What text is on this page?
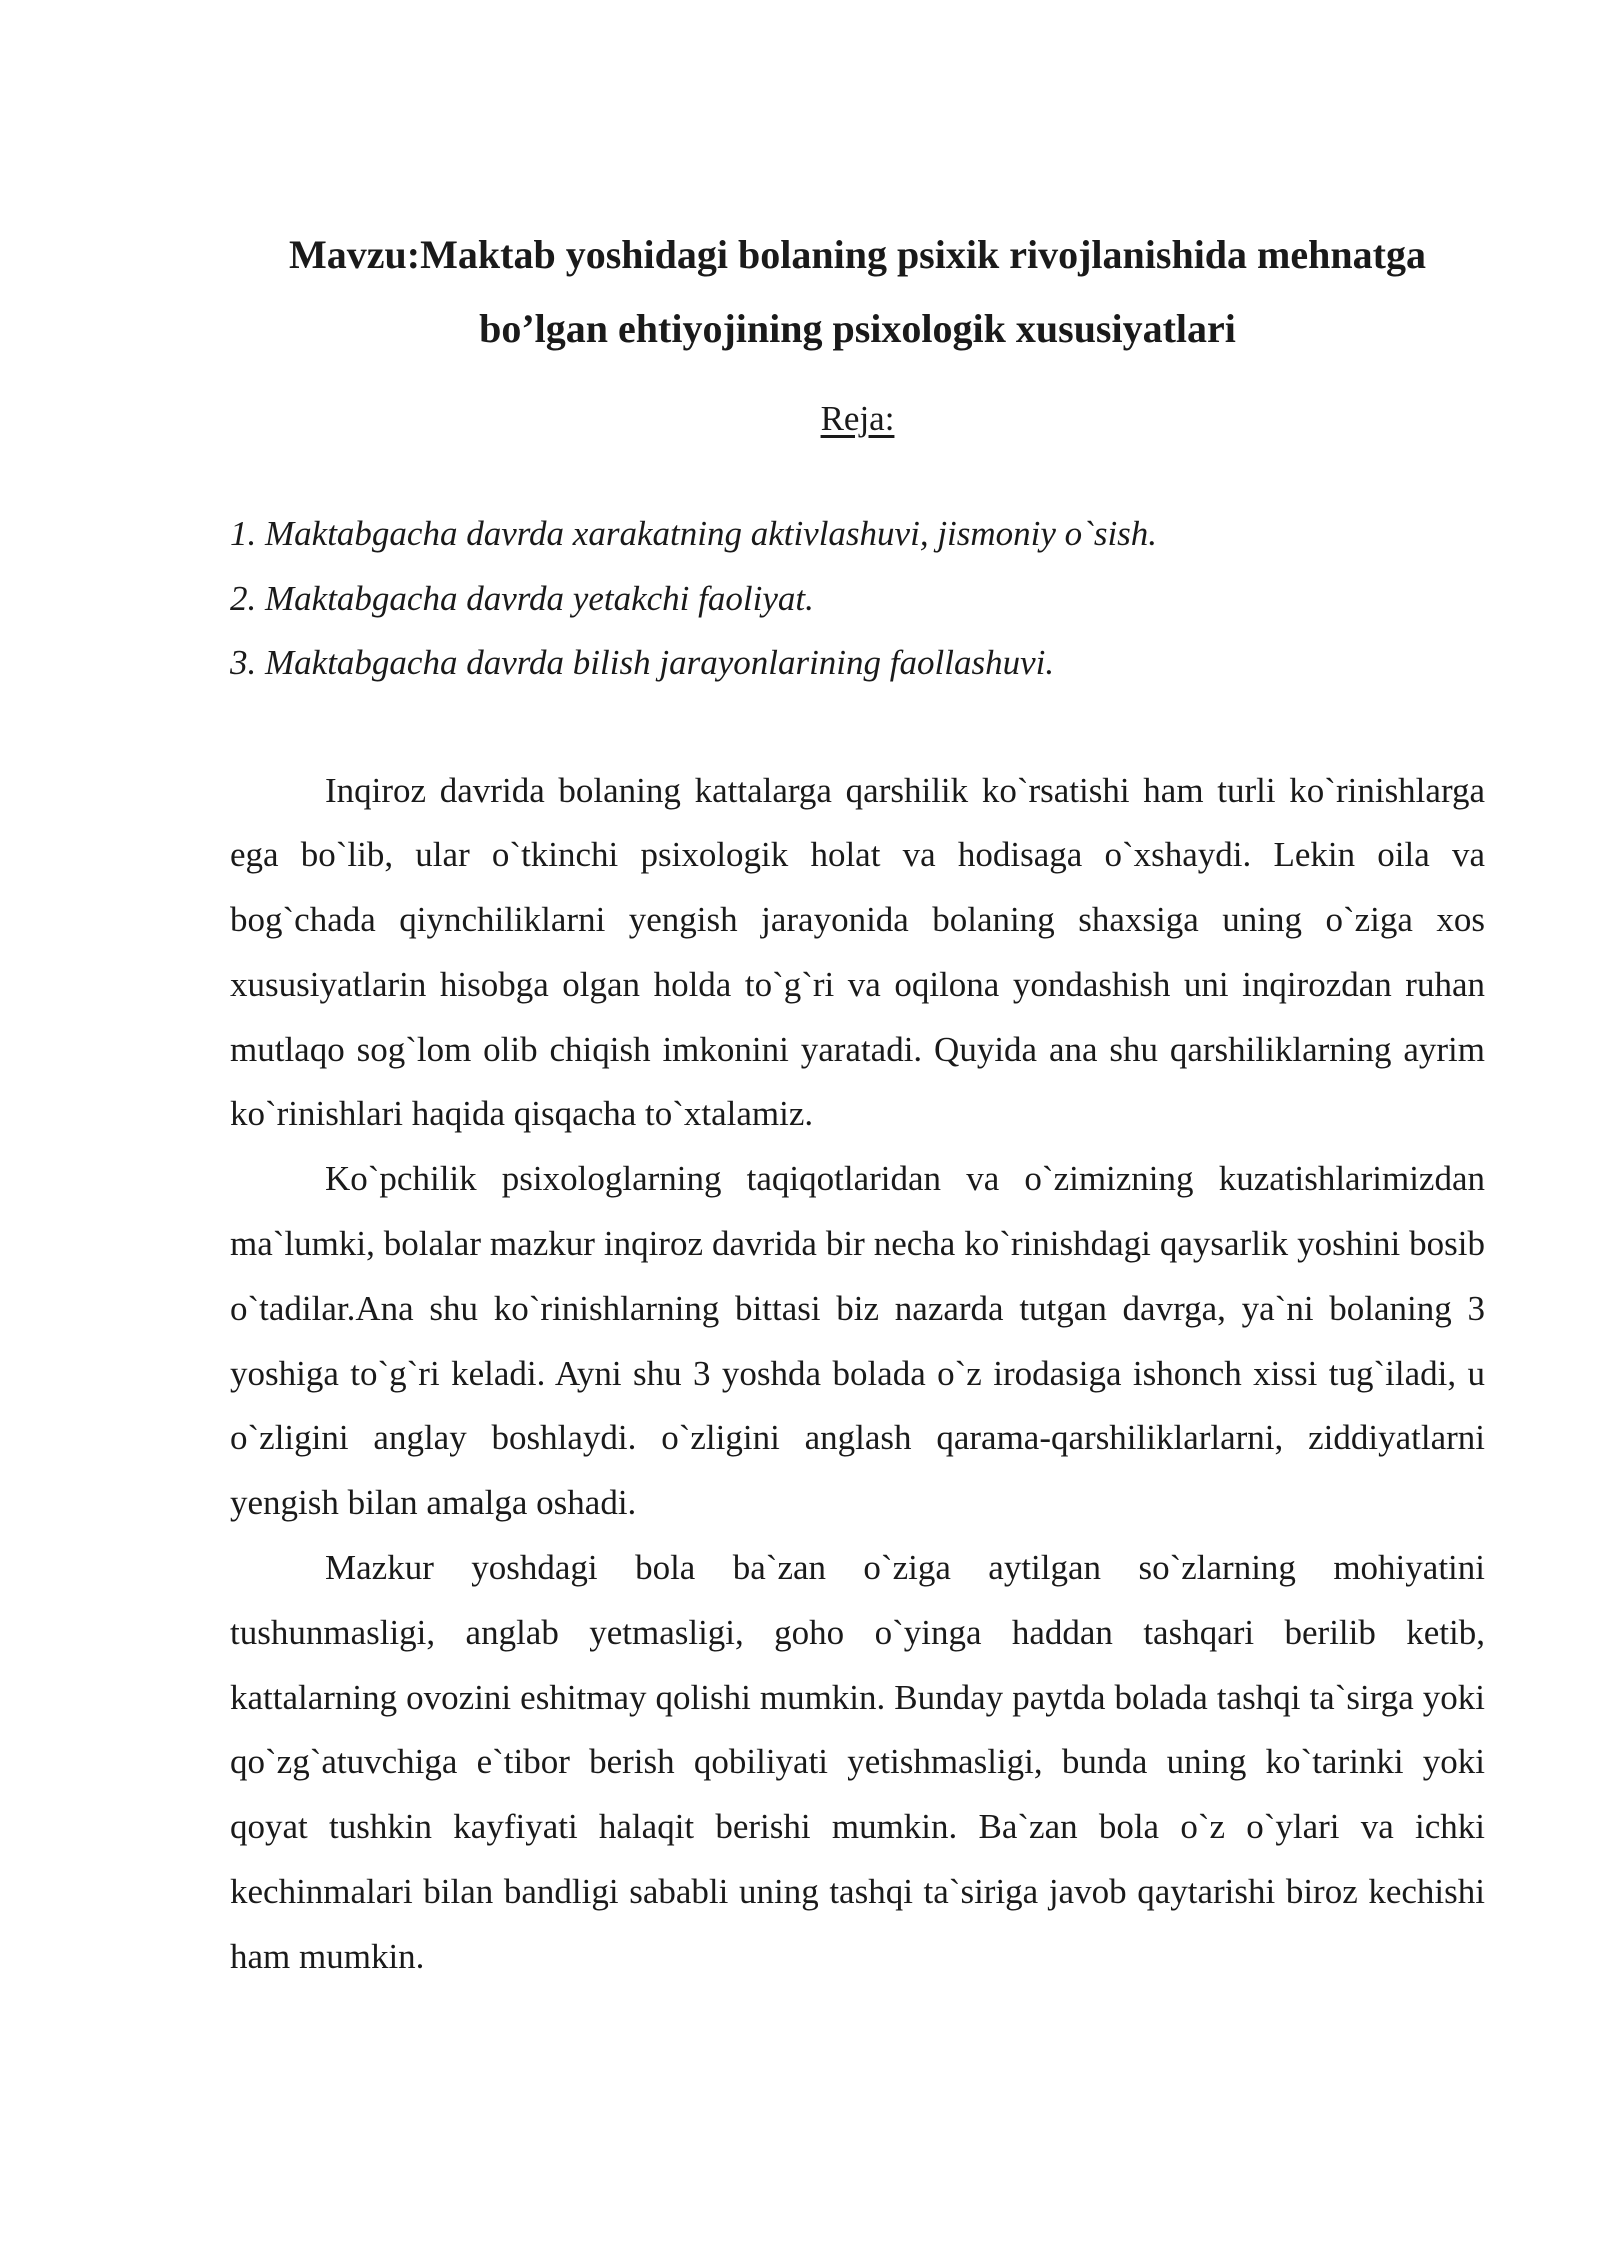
Mavzu:Maktab yoshidagi bolaning psixik rivojlanishida mehnatga bo’lgan ehtiyojining psixologik xususiyatlari
Reja:
1. Maktabgacha davrda xarakatning aktivlashuvi, jismoniy o`sish.
2. Maktabgacha davrda yetakchi faoliyat.
3. Maktabgacha davrda bilish jarayonlarining faollashuvi.

Inqiroz davrida bolaning kattalarga qarshilik ko`rsatishi ham turli ko`rinishlarga ega bo`lib, ular o`tkinchi psixologik holat va hodisaga o`xshaydi. Lekin oila va bog`chada qiynchiliklarni yengish jarayonida bolaning shaxsiga uning o`ziga xos xususiyatlarin hisobga olgan holda to`g`ri va oqilona yondashish uni inqirozdan ruhan mutlaqo sog`lom olib chiqish imkonini yaratadi. Quyida ana shu qarshiliklarning ayrim ko`rinishlari haqida qisqacha to`xtalamiz.

Ko`pchilik psixologlarning taqiqotlaridan va o`zimizning kuzatishlarimizdan ma`lumki, bolalar mazkur inqiroz davrida bir necha ko`rinishdagi qaysarlik yoshini bosib o`tadilar.Ana shu ko`rinishlarning bittasi biz nazarda tutgan davrga, ya`ni bolaning 3 yoshiga to`g`ri keladi. Ayni shu 3 yoshda bolada o`z irodasiga ishonch xissi tug`iladi, u o`zligini anglay boshlaydi. o`zligini anglash qarama-qarshiliklarlarni, ziddiyatlarni yengish bilan amalga oshadi.

Mazkur yoshdagi bola ba`zan o`ziga aytilgan so`zlarning mohiyatini tushunmasligi, anglab yetmasligi, goho o`yinga haddan tashqari berilib ketib, kattalarning ovozini eshitmay qolishi mumkin. Bunday paytda bolada tashqi ta`sirga yoki qo`zg`atuvchiga e`tibor berish qobiliyati yetishmasligi, bunda uning ko`tarinki yoki qoyat tushkin kayfiyati halaqit berishi mumkin. Ba`zan bola o`z o`ylari va ichki kechinmalari bilan bandligi sababli uning tashqi ta`siriga javob qaytarishi biroz kechishi ham mumkin.
